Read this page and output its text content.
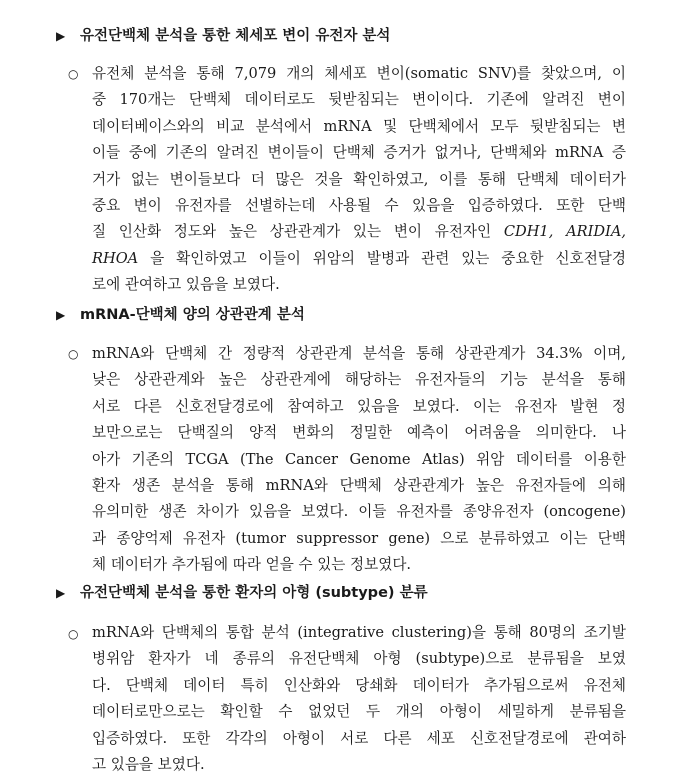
▶ 유전단백체 분석을 통한 체세포 변이 유전자 분석
○ 유전체 분석을 통해 7,079 개의 체세포 변이(somatic SNV)를 찾았으며, 이
중 170개는 단백체 데이터로도 뒷받침되는 변이이다. 기존에 알려진 변이
데이터베이스와의 비교 분석에서 mRNA 및 단백체에서 모두 뒷받침되는 변
이들 중에 기존의 알려진 변이들이 단백체 증거가 없거나, 단백체와 mRNA 증
거가 없는 변이들보다 더 많은 것을 확인하였고, 이를 통해 단백체 데이터가
중요 변이 유전자를 선별하는데 사용될 수 있음을 입증하였다. 또한 단백
질 인산화 정도와 높은 상관관계가 있는 변이 유전자인 CDH1, ARIDIA,
RHOA 을 확인하였고 이들이 위암의 발병과 관련 있는 중요한 신호전달경
로에 관여하고 있음을 보였다.
▶ mRNA-단백체 양의 상관관계 분석
○ mRNA와 단백체 간 정량적 상관관계 분석을 통해 상관관계가 34.3% 이며,
낮은 상관관계와 높은 상관관계에 해당하는 유전자들의 기능 분석을 통해
서로 다른 신호전달경로에 참여하고 있음을 보였다. 이는 유전자 발현 정
보만으로는 단백질의 양적 변화의 정밀한 예측이 어려움을 의미한다. 나
아가 기존의 TCGA (The Cancer Genome Atlas) 위암 데이터를 이용한
환자 생존 분석을 통해 mRNA와 단백체 상관관계가 높은 유전자들에 의해
유의미한 생존 차이가 있음을 보였다. 이들 유전자를 종양유전자 (oncogene)
과 종양억제 유전자 (tumor suppressor gene) 으로 분류하였고 이는 단백
체 데이터가 추가됨에 따라 얻을 수 있는 정보였다.
▶ 유전단백체 분석을 통한 환자의 아형 (subtype) 분류
○ mRNA와 단백체의 통합 분석 (integrative clustering)을 통해 80명의 조기발
병위암 환자가 네 종류의 유전단백체 아형 (subtype)으로 분류됨을 보였
다. 단백체 데이터 특히 인산화와 당쇄화 데이터가 추가됨으로써 유전체
데이터로만으로는 확인할 수 없었던 두 개의 아형이 세밀하게 분류됨을
입증하였다. 또한 각각의 아형이 서로 다른 세포 신호전달경로에 관여하
고 있음을 보였다.
